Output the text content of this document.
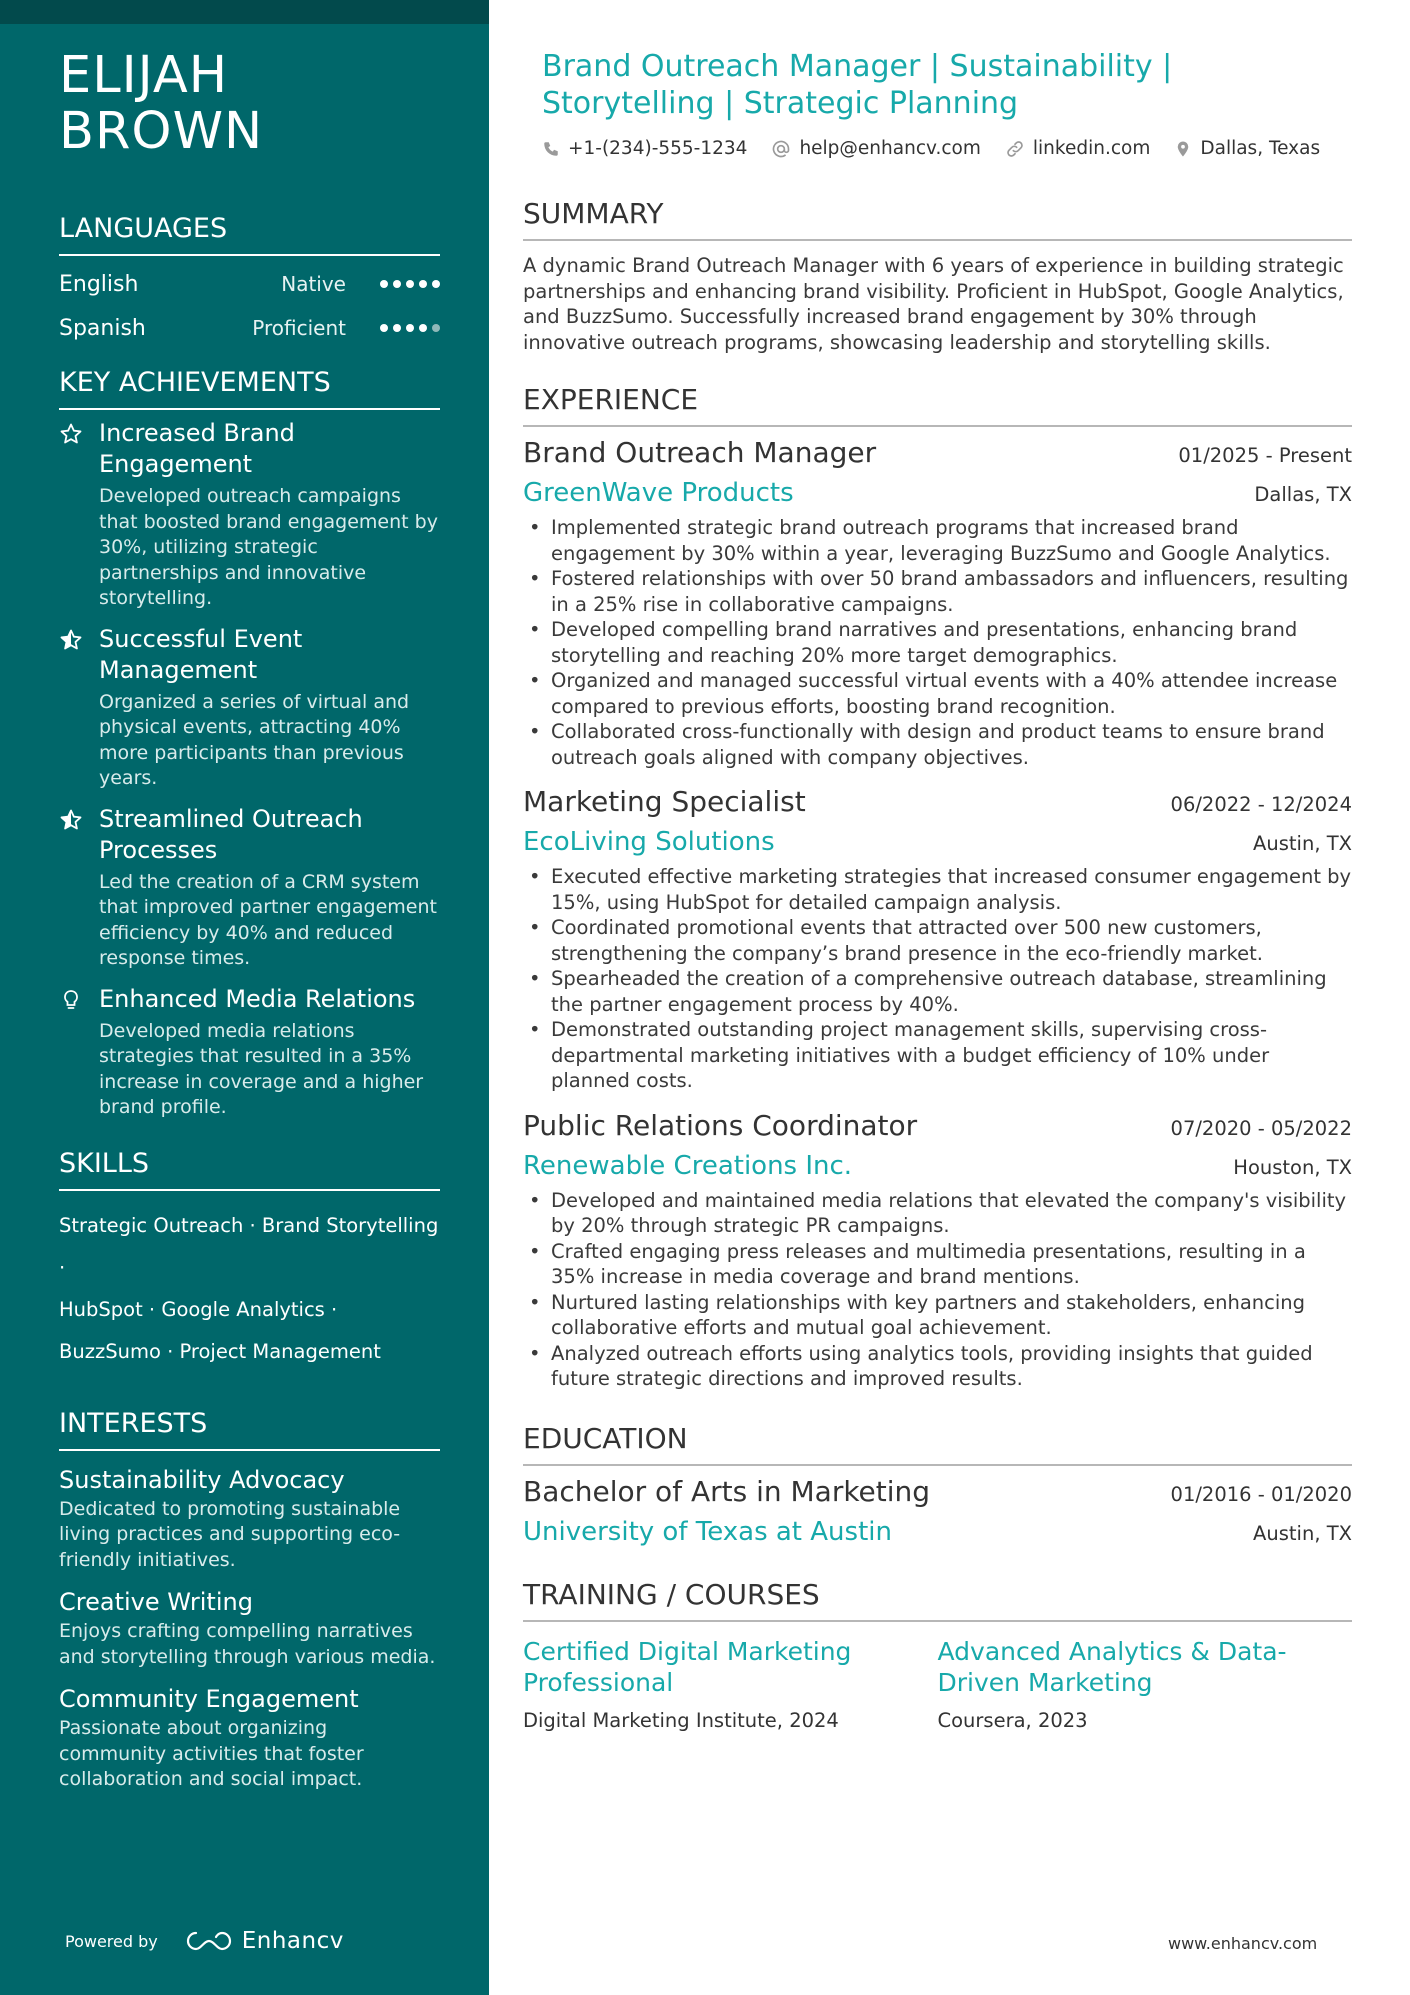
ELIJAH
BROWN
LANGUAGES
English	Native
Spanish	Proficient
KEY ACHIEVEMENTS
Increased Brand Engagement
Developed outreach campaigns that boosted brand engagement by 30%, utilizing strategic partnerships and innovative storytelling.
Successful Event Management
Organized a series of virtual and physical events, attracting 40% more participants than previous years.
Streamlined Outreach Processes
Led the creation of a CRM system that improved partner engagement efficiency by 40% and reduced response times.
Enhanced Media Relations
Developed media relations strategies that resulted in a 35% increase in coverage and a higher brand profile.
SKILLS
Strategic Outreach · Brand Storytelling ·
HubSpot · Google Analytics ·
BuzzSumo · Project Management
INTERESTS
Sustainability Advocacy
Dedicated to promoting sustainable living practices and supporting eco-friendly initiatives.
Creative Writing
Enjoys crafting compelling narratives and storytelling through various media.
Community Engagement
Passionate about organizing community activities that foster collaboration and social impact.
Powered by	Enhancv
Brand Outreach Manager | Sustainability | Storytelling | Strategic Planning
+1-(234)-555-1234	help@enhancv.com	linkedin.com	Dallas, Texas
SUMMARY
A dynamic Brand Outreach Manager with 6 years of experience in building strategic partnerships and enhancing brand visibility. Proficient in HubSpot, Google Analytics, and BuzzSumo. Successfully increased brand engagement by 30% through innovative outreach programs, showcasing leadership and storytelling skills.
EXPERIENCE
Brand Outreach Manager	01/2025 - Present
GreenWave Products	Dallas, TX
• Implemented strategic brand outreach programs that increased brand engagement by 30% within a year, leveraging BuzzSumo and Google Analytics.
• Fostered relationships with over 50 brand ambassadors and influencers, resulting in a 25% rise in collaborative campaigns.
• Developed compelling brand narratives and presentations, enhancing brand storytelling and reaching 20% more target demographics.
• Organized and managed successful virtual events with a 40% attendee increase compared to previous efforts, boosting brand recognition.
• Collaborated cross-functionally with design and product teams to ensure brand outreach goals aligned with company objectives.
Marketing Specialist	06/2022 - 12/2024
EcoLiving Solutions	Austin, TX
• Executed effective marketing strategies that increased consumer engagement by 15%, using HubSpot for detailed campaign analysis.
• Coordinated promotional events that attracted over 500 new customers, strengthening the company’s brand presence in the eco-friendly market.
• Spearheaded the creation of a comprehensive outreach database, streamlining the partner engagement process by 40%.
• Demonstrated outstanding project management skills, supervising cross-departmental marketing initiatives with a budget efficiency of 10% under planned costs.
Public Relations Coordinator	07/2020 - 05/2022
Renewable Creations Inc.	Houston, TX
• Developed and maintained media relations that elevated the company's visibility by 20% through strategic PR campaigns.
• Crafted engaging press releases and multimedia presentations, resulting in a 35% increase in media coverage and brand mentions.
• Nurtured lasting relationships with key partners and stakeholders, enhancing collaborative efforts and mutual goal achievement.
• Analyzed outreach efforts using analytics tools, providing insights that guided future strategic directions and improved results.
EDUCATION
Bachelor of Arts in Marketing	01/2016 - 01/2020
University of Texas at Austin	Austin, TX
TRAINING / COURSES
Certified Digital Marketing Professional
Digital Marketing Institute, 2024
Advanced Analytics & Data-Driven Marketing
Coursera, 2023
www.enhancv.com
